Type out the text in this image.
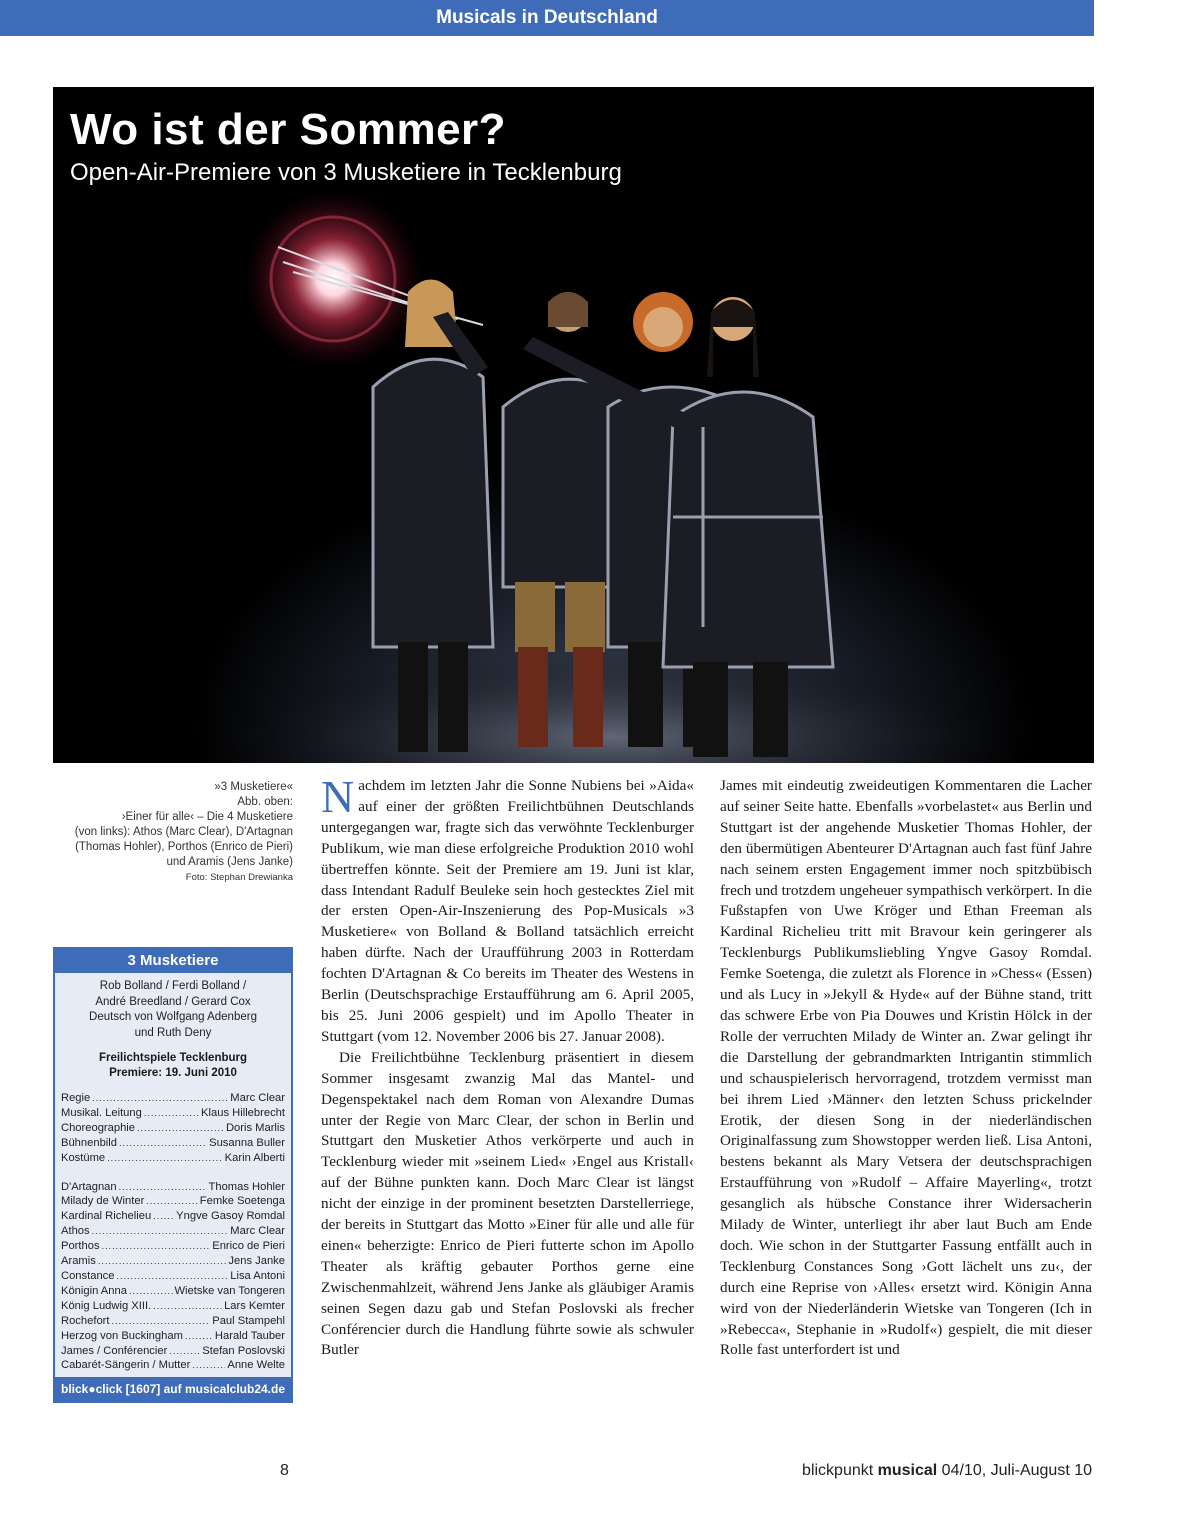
Musicals in Deutschland
Wo ist der Sommer?
Open-Air-Premiere von 3 Musketiere in Tecklenburg
»3 Musketiere«
Abb. oben:
›Einer für alle‹ – Die 4 Musketiere
(von links): Athos (Marc Clear), D'Artagnan
(Thomas Hohler), Porthos (Enrico de Pieri)
und Aramis (Jens Janke)
Foto: Stephan Drewianka
3 Musketiere
Rob Bolland / Ferdi Bolland /
André Breedland / Gerard Cox
Deutsch von Wolfgang Adenberg
und Ruth Deny
Freilichtspiele Tecklenburg
Premiere: 19. Juni 2010
Regie .....	Marc Clear
Musikal. Leitung .....	Klaus Hillebrecht
Choreographie .....	Doris Marlis
Bühnenbild .....	Susanna Buller
Kostüme .....	Karin Alberti
D'Artagnan .....	Thomas Hohler
Milady de Winter .....	Femke Soetenga
Kardinal Richelieu ..... Yngve Gasoy Romdal
Athos .....	Marc Clear
Porthos .....	Enrico de Pieri
Aramis .....	Jens Janke
Constance .....	Lisa Antoni
Königin Anna .....	Wietske van Tongeren
König Ludwig XIII. .....	Lars Kemter
Rochefort .....	Paul Stampehl
Herzog von Buckingham .....	Harald Tauber
James / Conférencier .....	Stefan Poslovski
Cabarét-Sängerin / Mutter .....	Anne Welte
blick●click [1607] auf musicalclub24.de

Nachdem im letzten Jahr die Sonne Nubiens bei »Aida« auf einer der größten Freilichtbühnen Deutschlands untergegangen war, fragte sich das verwöhnte Tecklenburger Publikum, wie man diese erfolgreiche Produktion 2010 wohl übertreffen könnte. Seit der Premiere am 19. Juni ist klar, dass Intendant Radulf Beuleke sein hoch gestecktes Ziel mit der ersten Open-Air-Inszenierung des Pop-Musicals »3 Musketiere« von Bolland & Bolland tatsächlich erreicht haben dürfte. Nach der Uraufführung 2003 in Rotterdam fochten D'Artagnan & Co bereits im Theater des Westens in Berlin (Deutschsprachige Erstaufführung am 6. April 2005, bis 25. Juni 2006 gespielt) und im Apollo Theater in Stuttgart (vom 12. November 2006 bis 27. Januar 2008).

Die Freilichtbühne Tecklenburg präsentiert in diesem Sommer insgesamt zwanzig Mal das Mantel- und Degenspektakel nach dem Roman von Alexandre Dumas unter der Regie von Marc Clear, der schon in Berlin und Stuttgart den Musketier Athos verkörperte und auch in Tecklenburg wieder mit »seinem Lied« ›Engel aus Kristall‹ auf der Bühne punkten kann. Doch Marc Clear ist längst nicht der einzige in der prominent besetzten Darstellerriege, der bereits in Stuttgart das Motto »Einer für alle und alle für einen« beherzigte: Enrico de Pieri futterte schon im Apollo Theater als kräftig gebauter Porthos gerne eine Zwischenmahlzeit, während Jens Janke als gläubiger Aramis seinen Segen dazu gab und Stefan Poslovski als frecher Conférencier durch die Handlung führte sowie als schwuler Butler

James mit eindeutig zweideutigen Kommentaren die Lacher auf seiner Seite hatte. Ebenfalls »vorbelastet« aus Berlin und Stuttgart ist der angehende Musketier Thomas Hohler, der den übermütigen Abenteurer D'Artagnan auch fast fünf Jahre nach seinem ersten Engagement immer noch spitzbübisch frech und trotzdem ungeheuer sympathisch verkörpert. In die Fußstapfen von Uwe Kröger und Ethan Freeman als Kardinal Richelieu tritt mit Bravour kein geringerer als Tecklenburgs Publikumsliebling Yngve Gasoy Romdal. Femke Soetenga, die zuletzt als Florence in »Chess« (Essen) und als Lucy in »Jekyll & Hyde« auf der Bühne stand, tritt das schwere Erbe von Pia Douwes und Kristin Hölck in der Rolle der verruchten Milady de Winter an. Zwar gelingt ihr die Darstellung der gebrandmarkten Intrigantin stimmlich und schauspielerisch hervorragend, trotzdem vermisst man bei ihrem Lied ›Männer‹ den letzten Schuss prickelnder Erotik, der diesen Song in der niederländischen Originalfassung zum Showstopper werden ließ. Lisa Antoni, bestens bekannt als Mary Vetsera der deutschsprachigen Erstaufführung von »Rudolf – Affaire Mayerling«, trotzt gesanglich als hübsche Constance ihrer Widersacherin Milady de Winter, unterliegt ihr aber laut Buch am Ende doch. Wie schon in der Stuttgarter Fassung entfällt auch in Tecklenburg Constances Song ›Gott lächelt uns zu‹, der durch eine Reprise von ›Alles‹ ersetzt wird. Königin Anna wird von der Niederländerin Wietske van Tongeren (Ich in »Rebecca«, Stephanie in »Rudolf«) gespielt, die mit dieser Rolle fast unterfordert ist und

8	blickpunkt musical 04/10, Juli-August 10
